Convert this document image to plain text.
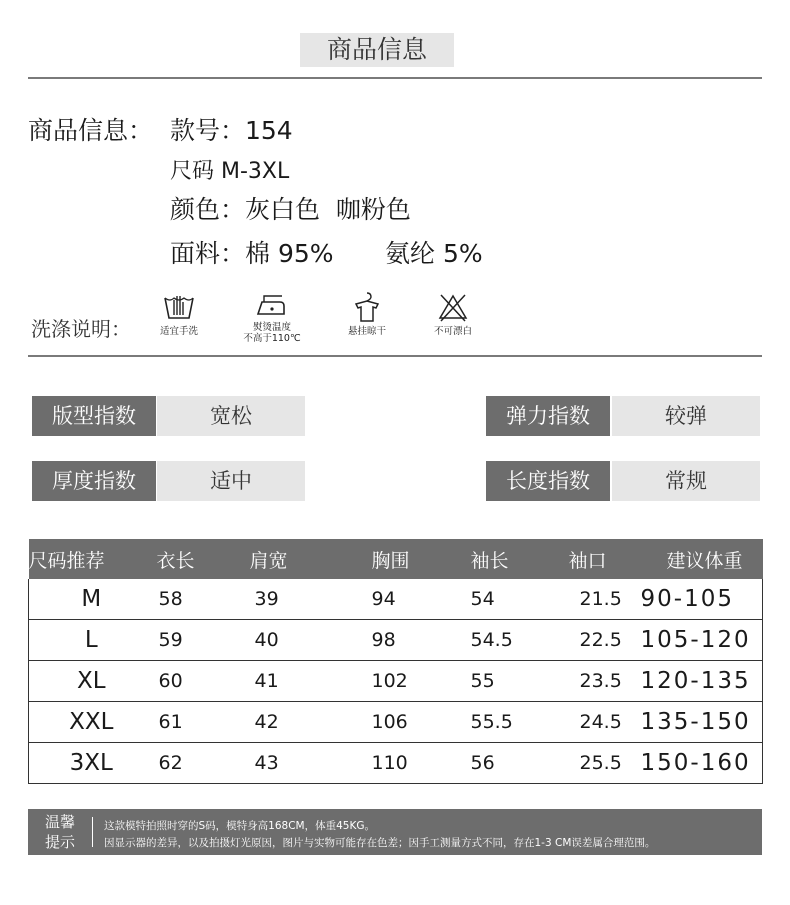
商品信息
商品信息： 款号：154
尺码 M-3XL
颜色：灰白色  咖粉色
面料：棉 95% 氨纶 5%
洗涤说明：	适宜手洗	熨烫温度
不高于110℃
悬挂晾干	不可漂白
版型指数	宽松	弹力指数	较弹
厚度指数	适中	长度指数	常规
尺码推荐	衣长	肩宽	胸围	袖长	袖口	建议体重
M	58	39	94	54	21.5	90-105
L	59	40	98	54.5	22.5	105-120
XL	60	41	102	55	23.5	120-135
XXL	61	42	106	55.5	24.5	135-150
3XL	62	43	110	56	25.5	150-160
温馨
提示
这款模特拍照时穿的S码，模特身高168CM，体重45KG。
因显示器的差异，以及拍摄灯光原因，图片与实物可能存在色差；因手工测量方式不同，存在1-3 CM误差属合理范围。
